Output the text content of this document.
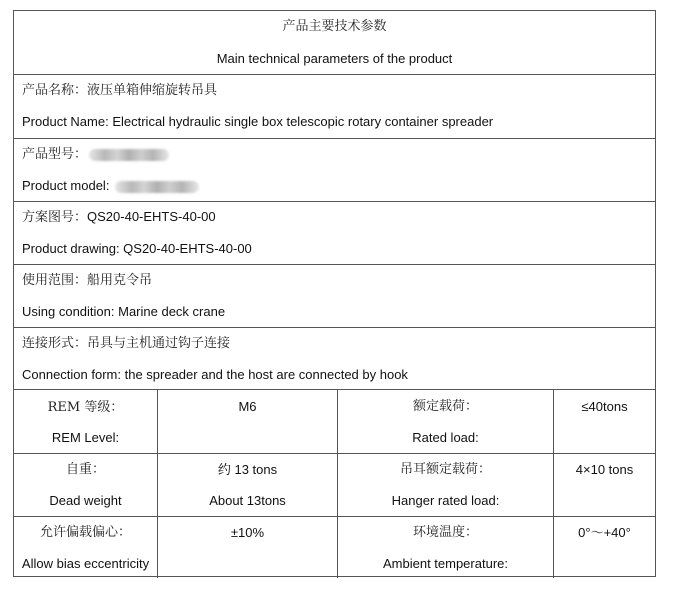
产品主要技术参数
Main technical parameters of the product
产品名称：液压单箱伸缩旋转吊具
Product Name: Electrical hydraulic single box telescopic rotary container spreader
产品型号：
Product model:
方案图号：QS20-40-EHTS-40-00
Product drawing: QS20-40-EHTS-40-00
使用范围：船用克令吊
Using condition: Marine deck crane
连接形式：吊具与主机通过钩子连接
Connection form: the spreader and the host are connected by hook
REM 等级：
REM Level:
M6	额定载荷：
Rated load:
≤40tons
自重：
Dead weight
约 13 tons
About 13tons
吊耳额定载荷：
Hanger rated load:
4×10 tons
允许偏载偏心：
Allow bias eccentricity
±10%	环境温度：
Ambient temperature:
0°～+40°
